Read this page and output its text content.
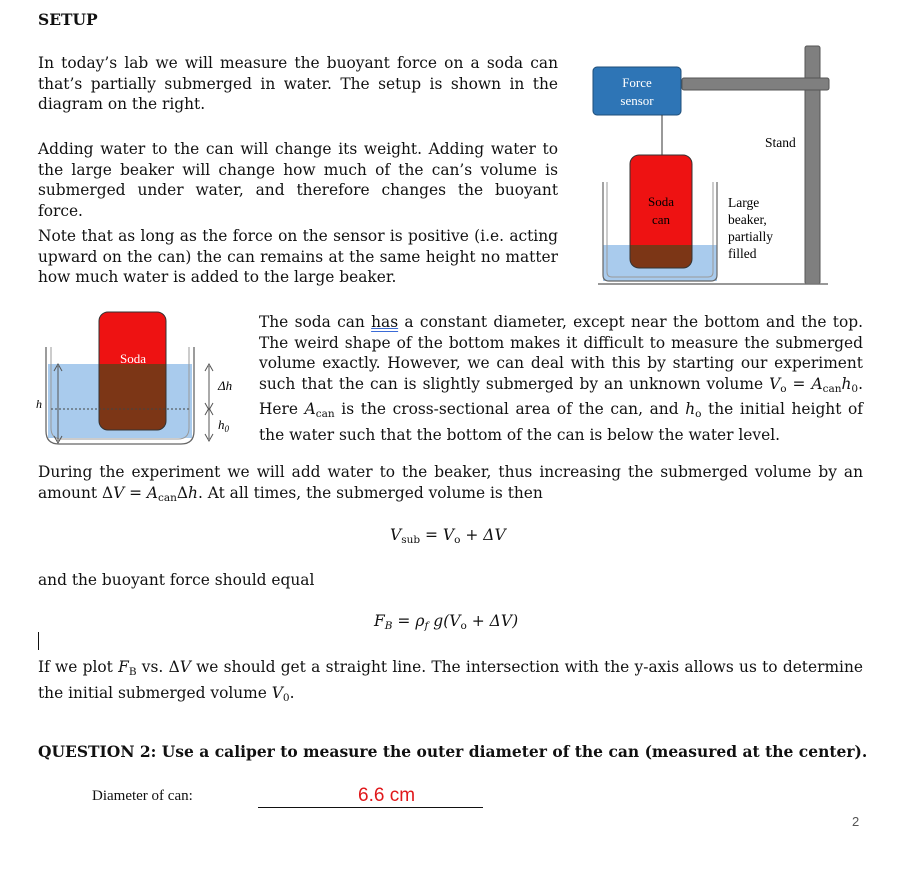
SETUP
In today’s lab we will measure the buoyant force on a soda can that’s partially submerged in water. The setup is shown in the diagram on the right.
Adding water to the can will change its weight. Adding water to the large beaker will change how much of the can’s volume is submerged under water, and therefore changes the buoyant force.
Note that as long as the force on the sensor is positive (i.e. acting upward on the can) the can remains at the same height no matter how much water is added to the large beaker.
Stand
Force
sensor
Soda
can
Large
beaker,
partially
filled
Soda
h
Δh
$h_0$
The soda can has a constant diameter, except near the bottom and the top. The weird shape of the bottom makes it difficult to measure the submerged volume exactly. However, we can deal with this by starting our experiment such that the can is slightly submerged by an unknown volume $V_o = A_{can}h_0$. Here $A_{can}$ is the cross-sectional area of the can, and $h_o$ the initial height of the water such that the bottom of the can is below the water level.
During the experiment we will add water to the beaker, thus increasing the submerged volume by an amount $\Delta V = A_{can}\Delta h$. At all times, the submerged volume is then
$V_{sub} = V_o + \Delta V$
and the buoyant force should equal
FB = ρf $g(V_o + \Delta V)$
If we plot FB vs. ΔV we should get a straight line. The intersection with the y-axis allows us to determine the initial submerged volume $V_0$.
QUESTION 2: Use a caliper to measure the outer diameter of the can (measured at the center).
Diameter of can:	6.6 cm
2
